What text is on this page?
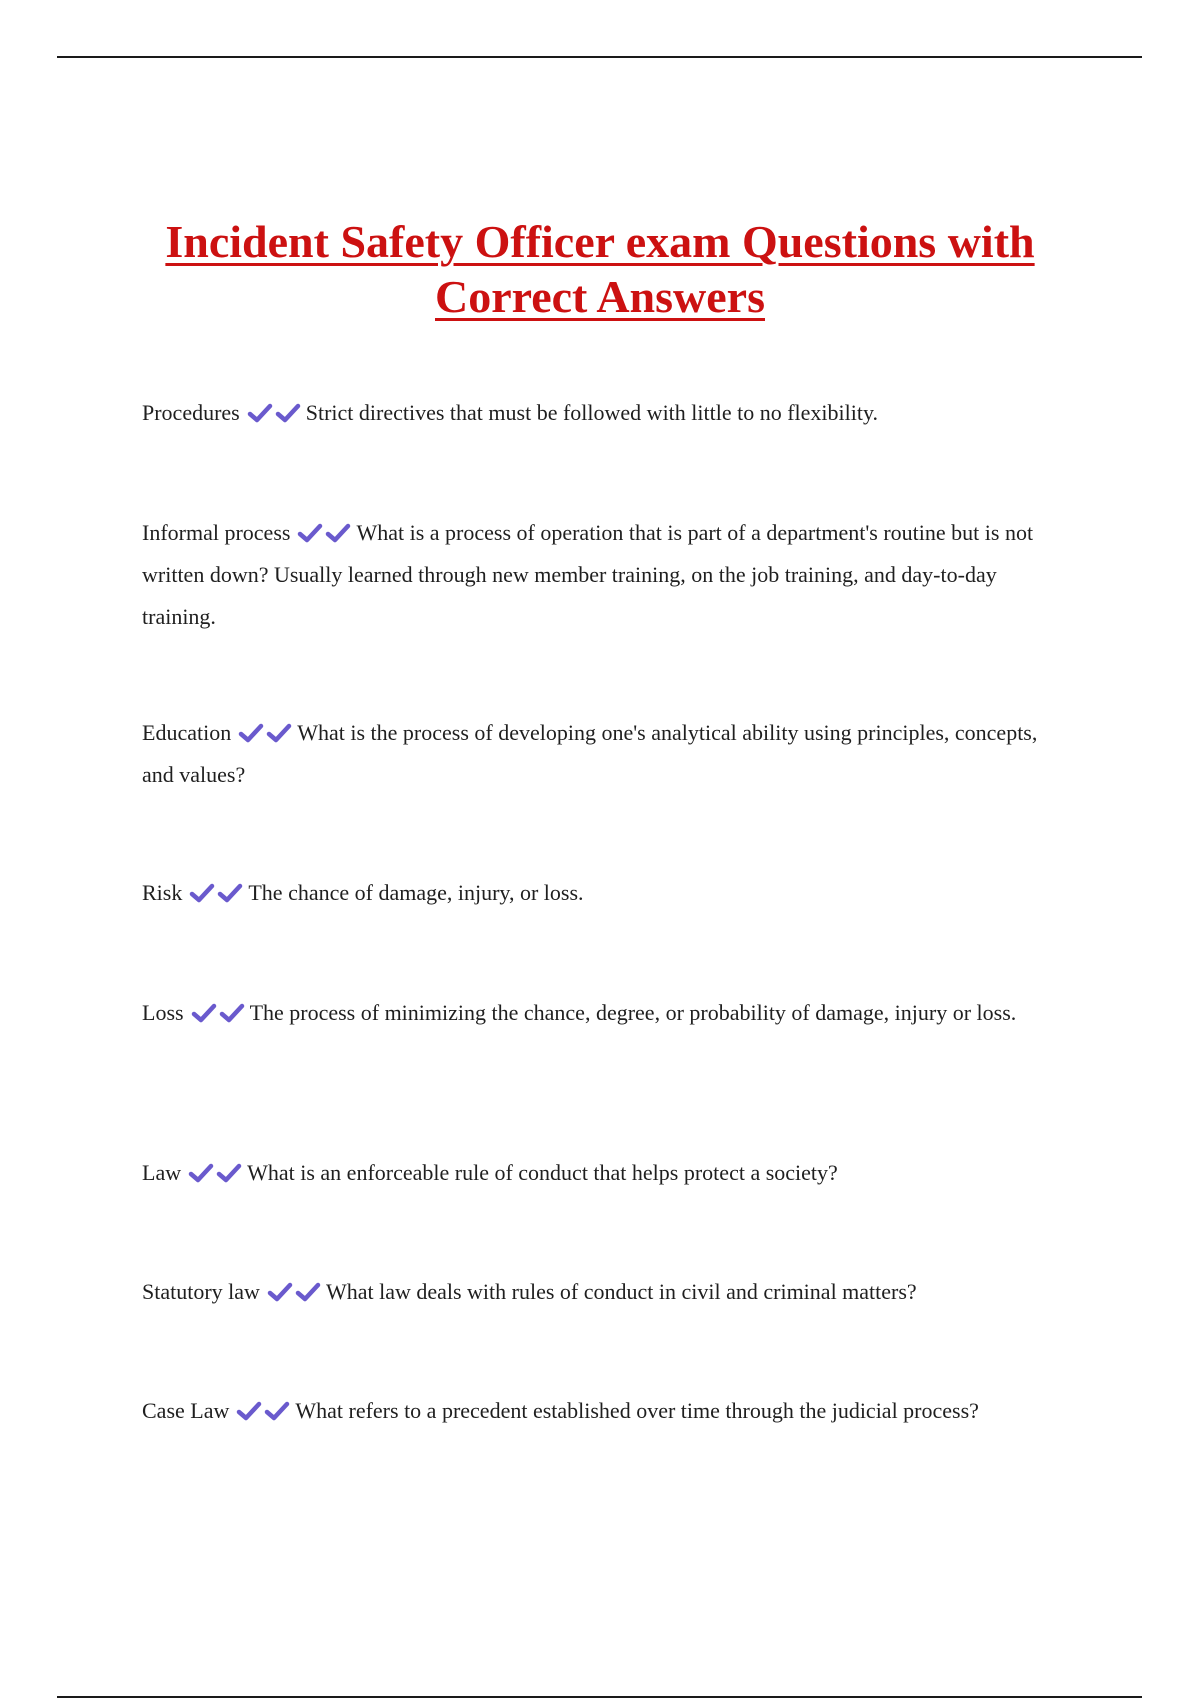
Incident Safety Officer exam Questions with Correct Answers

Procedures	Strict directives that must be followed with little to no flexibility.

Informal process	What is a process of operation that is part of a department's routine but is not written down? Usually learned through new member training, on the job training, and day-to-day training.

Education	What is the process of developing one's analytical ability using principles, concepts, and values?

Risk	The chance of damage, injury, or loss.

Loss	The process of minimizing the chance, degree, or probability of damage, injury or loss.

Law	What is an enforceable rule of conduct that helps protect a society?

Statutory law	What law deals with rules of conduct in civil and criminal matters?

Case Law	What refers to a precedent established over time through the judicial process?
